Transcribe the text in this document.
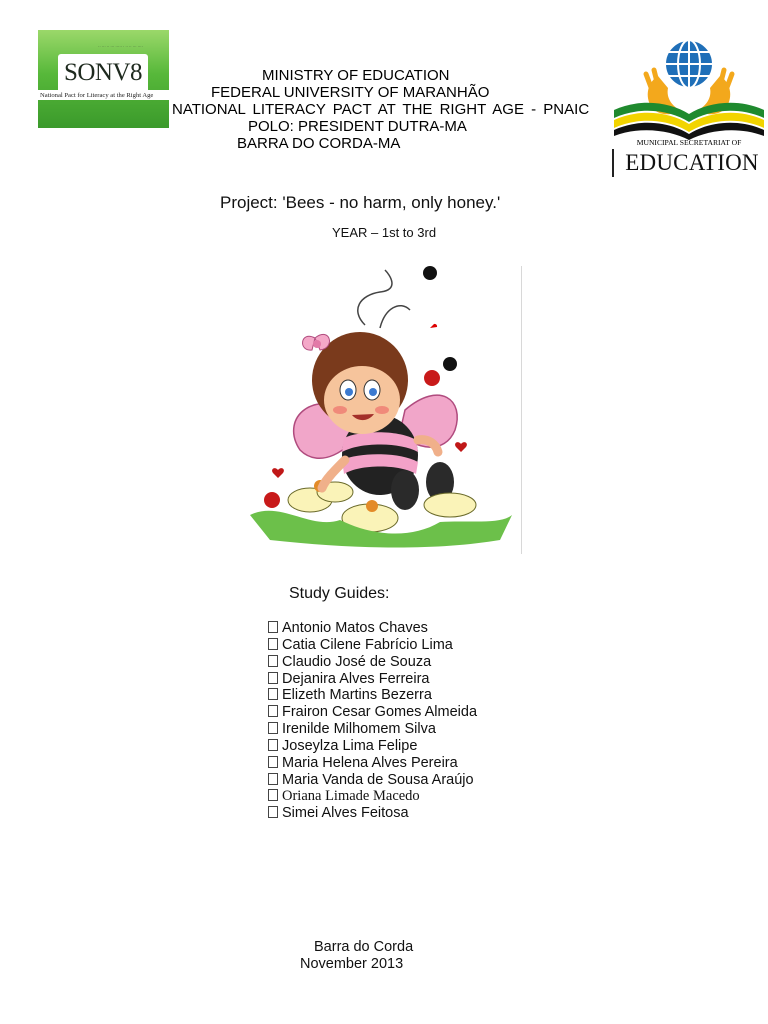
·· ··· ·· ··· ····· · ·· ·· ··· ····
SONV8
National Pact for Literacy at the Right Age
MINISTRY OF EDUCATION
FEDERAL UNIVERSITY OF MARANHÃO
NATIONAL LITERACY PACT AT THE RIGHT AGE - PNAIC
POLO: PRESIDENT DUTRA-MA
BARRA DO CORDA-MA	MUNICIPAL SECRETARIAT OF
EDUCATION
Project: 'Bees - no harm, only honey.'
YEAR – 1st to 3rd
Study Guides:
Antonio Matos Chaves
Catia Cilene Fabrício Lima
Claudio José de Souza
Dejanira Alves Ferreira
Elizeth Martins Bezerra
Frairon Cesar Gomes Almeida
Irenilde Milhomem Silva
Joseylza Lima Felipe
Maria Helena Alves Pereira
Maria Vanda de Sousa Araújo
Oriana Limade Macedo
Simei Alves Feitosa
Barra do Corda
November 2013
